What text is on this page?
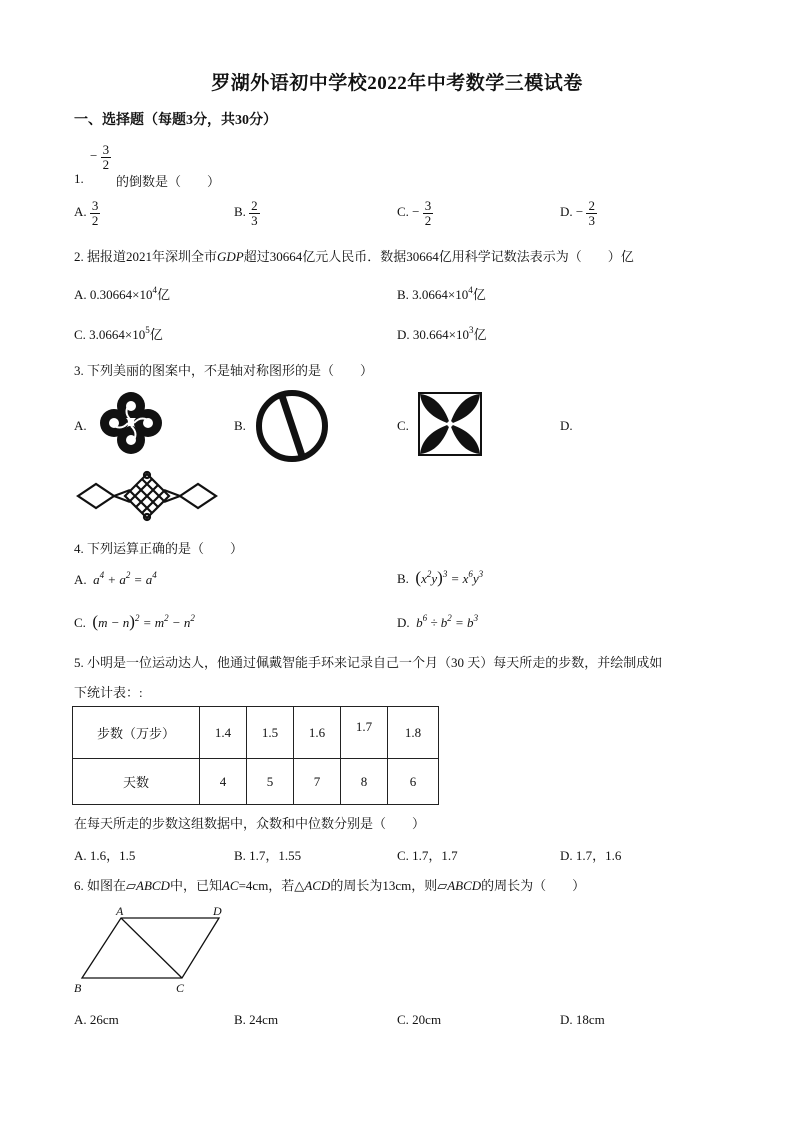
罗湖外语初中学校2022年中考数学三模试卷
一、选择题（每题3分，共30分）
− $\frac{3}{2}$
1. 的倒数是（　　）
A. $\frac{3}{2}$	B. $\frac{2}{3}$	C. − $\frac{3}{2}$	D. − $\frac{2}{3}$
2. 据报道2021年深圳全市GDP超过30664亿元人民币．数据30664亿用科学记数法表示为（　　）亿
A. $0.30664\times 10^4$亿	B. $3.0664\times 10^4$亿
C. $3.0664\times 10^5$亿	D. $30.664\times 10^3$亿
3. 下列美丽的图案中，不是轴对称图形的是（　　）
A.	B.	C.	D.
4. 下列运算正确的是（　　）
A. $a^4 + a^2 = a^4$	B. $(x^2y)^3 = x^6y^3$
C. $(m - n)^2 = m^2 - n^2$	D. $b^6 \div b^2 = b^3$
5. 小明是一位运动达人，他通过佩戴智能手环来记录自己一个月（30 天）每天所走的步数，并绘制成如
下统计表：:
步数（万步）	1.4	1.5	1.6	1.7	1.8
天数	4	5	7	8	6
在每天所走的步数这组数据中，众数和中位数分别是（　　）
A. 1.6，1.5	B. 1.7，1.55	C. 1.7，1.7	D. 1.7，1.6
6. 如图在▱ABCD中，已知AC=4cm，若△ACD的周长为13cm，则▱ABCD的周长为（　　）
A	D
B	C
A. 26cm	B. 24cm	C. 20cm	D. 18cm
